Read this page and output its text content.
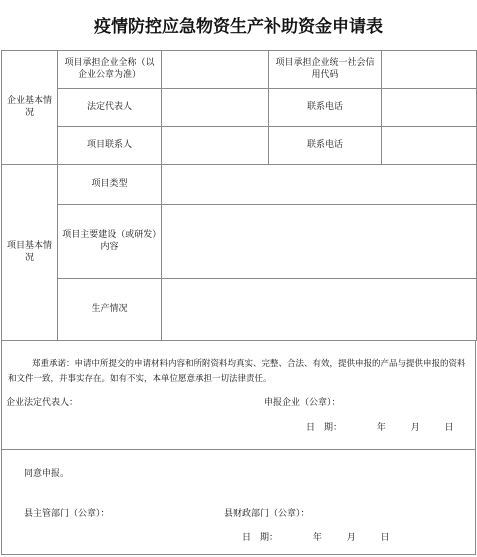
疫情防控应急物资生产补助资金申请表
企业基本情况	项目承担企业全称（以企业公章为准）		项目承担企业统一社会信用代码	
	法定代表人		联系电话	
	项目联系人		联系电话	
项目基本情况	项目类型			
	项目主要建设（或研发）内容			
	生产情况			
郑重承诺：申请中所提交的申请材料内容和所附资料均真实、完整、合法、有效，提供申报的产品与提供申报的资料和文件一致，并事实存在。如有不实，本单位愿意承担一切法律责任。
企业法定代表人：	申报企业（公章）：
日　期：	年	月	日
同意申报。
县主管部门（公章）：	县财政部门（公章）：
日　期：	年	月	日
